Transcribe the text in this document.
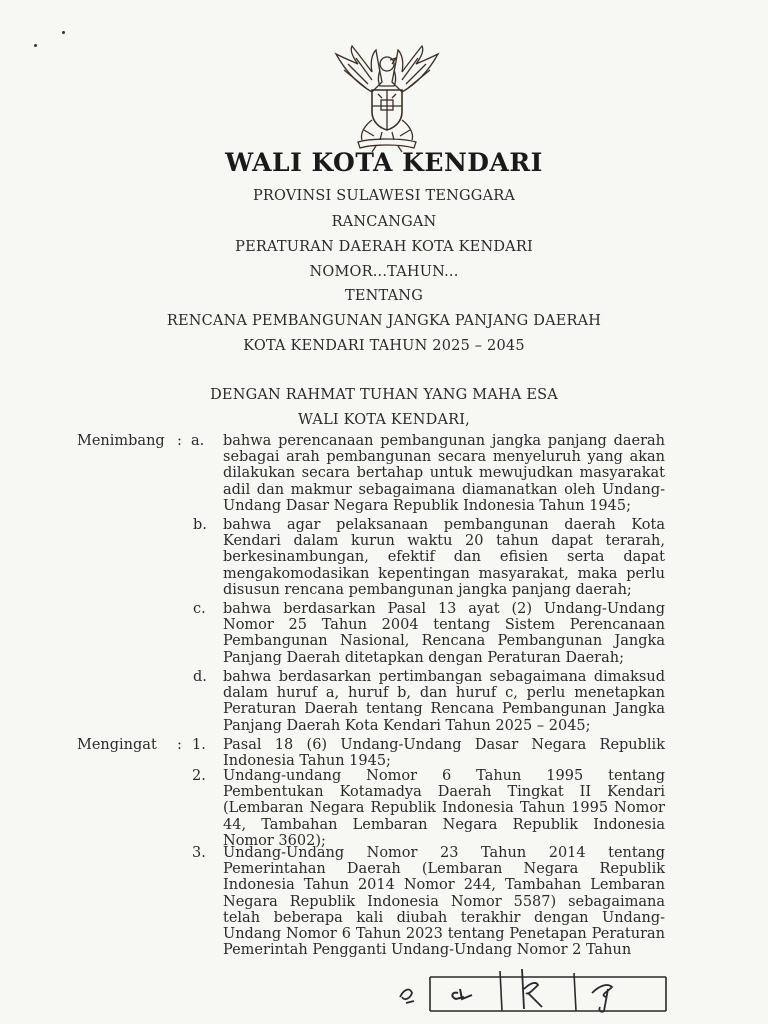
WALI KOTA KENDARI
PROVINSI SULAWESI TENGGARA
RANCANGAN
PERATURAN DAERAH KOTA KENDARI
NOMOR...TAHUN...
TENTANG
RENCANA PEMBANGUNAN JANGKA PANJANG DAERAH
KOTA KENDARI TAHUN 2025 – 2045
DENGAN RAHMAT TUHAN YANG MAHA ESA
WALI KOTA KENDARI,
Menimbang : a. bahwa perencanaan pembangunan jangka panjang daerah sebagai arah pembangunan secara menyeluruh yang akan dilakukan secara bertahap untuk mewujudkan masyarakat adil dan makmur sebagaimana diamanatkan oleh Undang-Undang Dasar Negara Republik Indonesia Tahun 1945;
b. bahwa agar pelaksanaan pembangunan daerah Kota Kendari dalam kurun waktu 20 tahun dapat terarah, berkesinambungan, efektif dan efisien serta dapat mengakomodasikan kepentingan masyarakat, maka perlu disusun rencana pembangunan jangka panjang daerah;
c. bahwa berdasarkan Pasal 13 ayat (2) Undang-Undang Nomor 25 Tahun 2004 tentang Sistem Perencanaan Pembangunan Nasional, Rencana Pembangunan Jangka Panjang Daerah ditetapkan dengan Peraturan Daerah;
d. bahwa berdasarkan pertimbangan sebagaimana dimaksud dalam huruf a, huruf b, dan huruf c, perlu menetapkan Peraturan Daerah tentang Rencana Pembangunan Jangka Panjang Daerah Kota Kendari Tahun 2025 – 2045;
Mengingat : 1. Pasal 18 (6) Undang-Undang Dasar Negara Republik Indonesia Tahun 1945;
2. Undang-undang Nomor 6 Tahun 1995 tentang Pembentukan Kotamadya Daerah Tingkat II Kendari (Lembaran Negara Republik Indonesia Tahun 1995 Nomor 44, Tambahan Lembaran Negara Republik Indonesia Nomor 3602);
3. Undang-Undang Nomor 23 Tahun 2014 tentang Pemerintahan Daerah (Lembaran Negara Republik Indonesia Tahun 2014 Nomor 244, Tambahan Lembaran Negara Republik Indonesia Nomor 5587) sebagaimana telah beberapa kali diubah terakhir dengan Undang- Undang Nomor 6 Tahun 2023 tentang Penetapan Peraturan Pemerintah Pengganti Undang-Undang Nomor 2 Tahun
